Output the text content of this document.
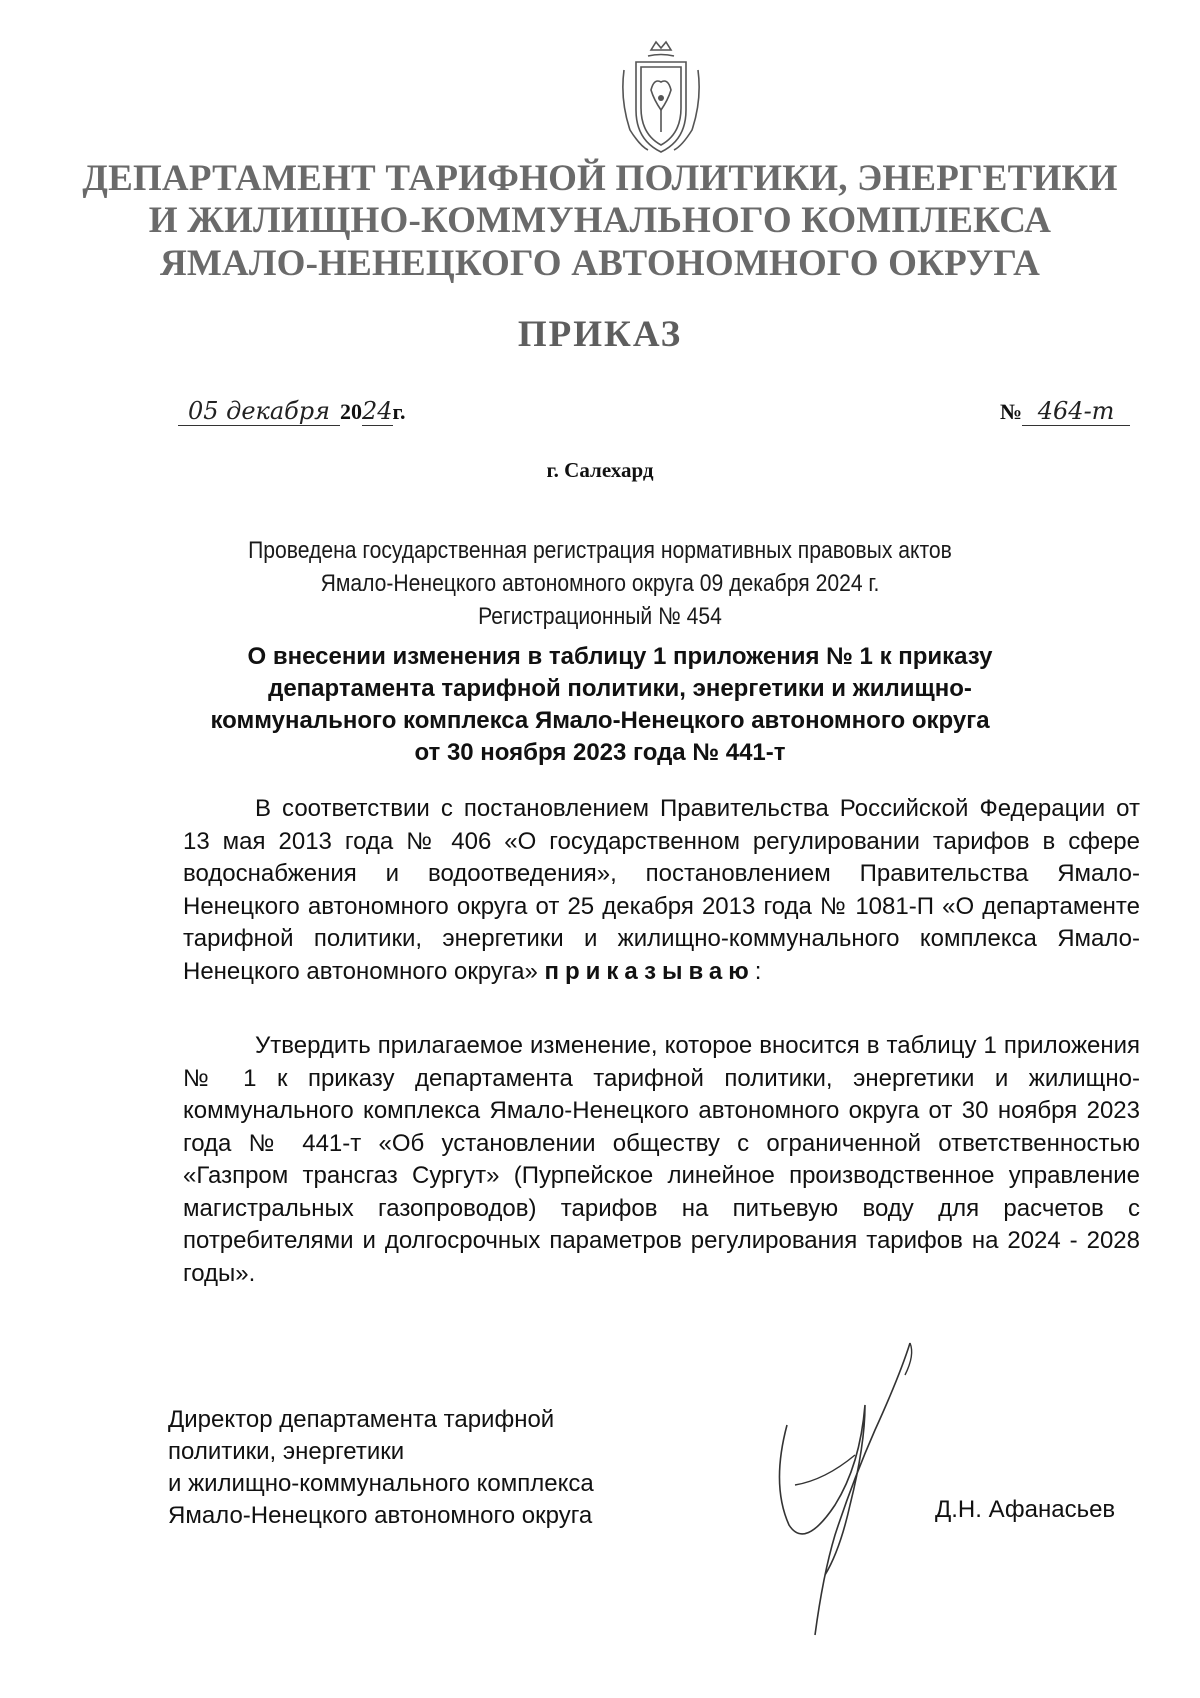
ДЕПАРТАМЕНТ ТАРИФНОЙ ПОЛИТИКИ, ЭНЕРГЕТИКИ
И ЖИЛИЩНО-КОММУНАЛЬНОГО КОМПЛЕКСА
ЯМАЛО-НЕНЕЦКОГО АВТОНОМНОГО ОКРУГА
ПРИКАЗ
05 декабря 2024г.	№ 464-т
г. Салехард
Проведена государственная регистрация нормативных правовых актов
Ямало-Ненецкого автономного округа 09 декабря 2024 г.
Регистрационный № 454
О внесении изменения в таблицу 1 приложения № 1 к приказу
департамента тарифной политики, энергетики и жилищно-
коммунального комплекса Ямало-Ненецкого автономного округа
от 30 ноября 2023 года № 441-т
В соответствии с постановлением Правительства Российской Федерации от 13 мая 2013 года № 406 «О государственном регулировании тарифов в сфере водоснабжения и водоотведения», постановлением Правительства Ямало-Ненецкого автономного округа от 25 декабря 2013 года № 1081-П «О департаменте тарифной политики, энергетики и жилищно-коммунального комплекса Ямало-Ненецкого автономного округа» приказываю:
Утвердить прилагаемое изменение, которое вносится в таблицу 1 приложения № 1 к приказу департамента тарифной политики, энергетики и жилищно-коммунального комплекса Ямало-Ненецкого автономного округа от 30 ноября 2023 года № 441-т «Об установлении обществу с ограниченной ответственностью «Газпром трансгаз Сургут» (Пурпейское линейное производственное управление магистральных газопроводов) тарифов на питьевую воду для расчетов с потребителями и долгосрочных параметров регулирования тарифов на 2024 - 2028 годы».
Директор департамента тарифной
политики, энергетики
и жилищно-коммунального комплекса
Ямало-Ненецкого автономного округа	Д.Н. Афанасьев
